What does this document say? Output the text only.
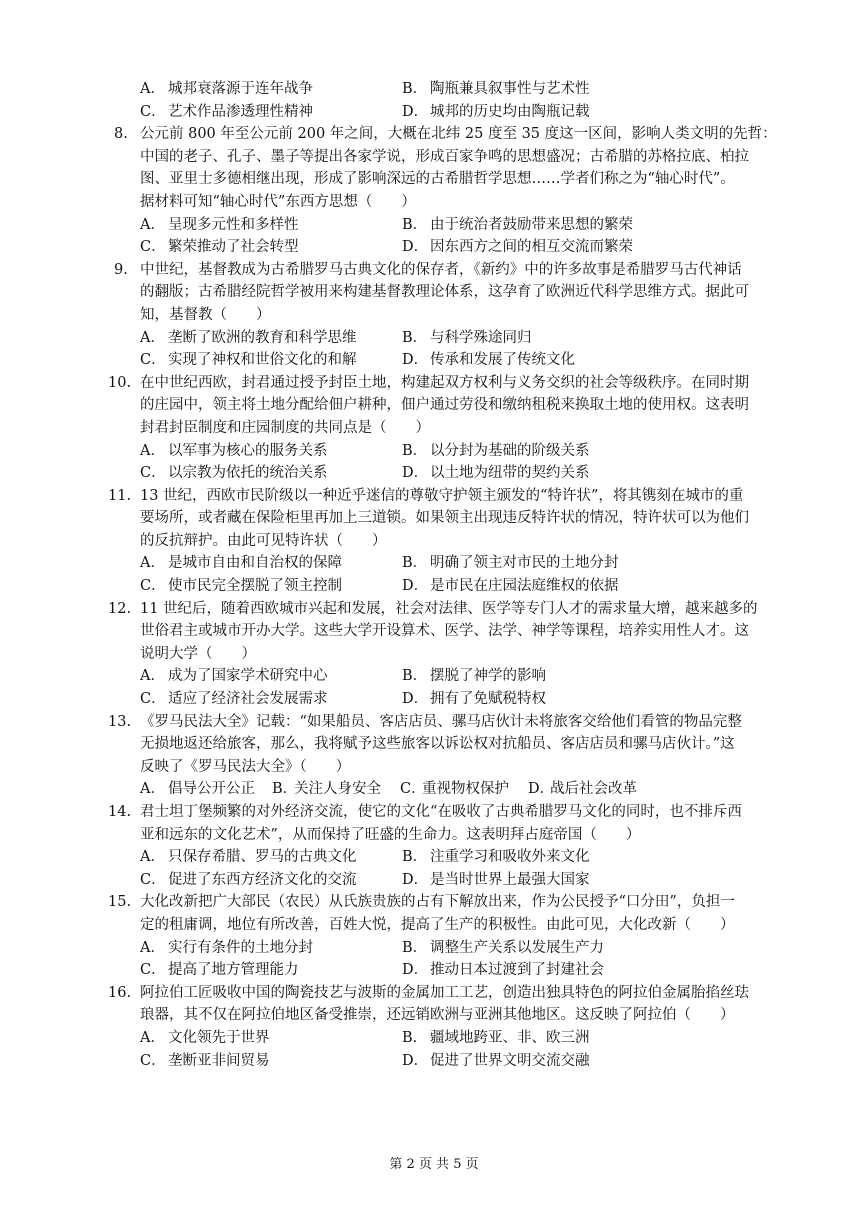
A． 城邦衰落源于连年战争	B． 陶瓶兼具叙事性与艺术性
C． 艺术作品渗透理性精神	D． 城邦的历史均由陶瓶记载
8. 公元前 800 年至公元前 200 年之间，大概在北纬 25 度至 35 度这一区间，影响人类文明的先哲：
中国的老子、孔子、墨子等提出各家学说，形成百家争鸣的思想盛况；古希腊的苏格拉底、柏拉
图、亚里士多德相继出现，形成了影响深远的古希腊哲学思想……学者们称之为“轴心时代”。
据材料可知“轴心时代”东西方思想（　　）
A． 呈现多元性和多样性	B． 由于统治者鼓励带来思想的繁荣
C． 繁荣推动了社会转型	D． 因东西方之间的相互交流而繁荣
9. 中世纪，基督教成为古希腊罗马古典文化的保存者，《新约》中的许多故事是希腊罗马古代神话
的翻版；古希腊经院哲学被用来构建基督教理论体系，这孕育了欧洲近代科学思维方式。据此可
知，基督教（　　）
A． 垄断了欧洲的教育和科学思维	B． 与科学殊途同归
C． 实现了神权和世俗文化的和解	D． 传承和发展了传统文化
10. 在中世纪西欧，封君通过授予封臣土地，构建起双方权利与义务交织的社会等级秩序。在同时期
的庄园中，领主将土地分配给佃户耕种，佃户通过劳役和缴纳租税来换取土地的使用权。这表明
封君封臣制度和庄园制度的共同点是（　　）
A． 以军事为核心的服务关系	B． 以分封为基础的阶级关系
C． 以宗教为依托的统治关系	D． 以土地为纽带的契约关系
11. 13 世纪，西欧市民阶级以一种近乎迷信的尊敬守护领主颁发的“特许状”，将其镌刻在城市的重
要场所，或者藏在保险柜里再加上三道锁。如果领主出现违反特许状的情况，特许状可以为他们
的反抗辩护。由此可见特许状（　　）
A． 是城市自由和自治权的保障	B． 明确了领主对市民的土地分封
C． 使市民完全摆脱了领主控制	D． 是市民在庄园法庭维权的依据
12. 11 世纪后，随着西欧城市兴起和发展，社会对法律、医学等专门人才的需求量大增，越来越多的
世俗君主或城市开办大学。这些大学开设算术、医学、法学、神学等课程，培养实用性人才。这
说明大学（　　）
A． 成为了国家学术研究中心	B． 摆脱了神学的影响
C． 适应了经济社会发展需求	D． 拥有了免赋税特权
13. 《罗马民法大全》记载：“如果船员、客店店员、骡马店伙计未将旅客交给他们看管的物品完整
无损地返还给旅客，那么，我将赋予这些旅客以诉讼权对抗船员、客店店员和骡马店伙计。”这
反映了《罗马民法大全》（　　）
A． 倡导公开公正 B．关注人身安全	C．重视物权保护	D．战后社会改革
14. 君士坦丁堡频繁的对外经济交流，使它的文化“在吸收了古典希腊罗马文化的同时，也不排斥西
亚和远东的文化艺术”，从而保持了旺盛的生命力。这表明拜占庭帝国（　　）
A． 只保存希腊、罗马的古典文化	B． 注重学习和吸收外来文化
C． 促进了东西方经济文化的交流	D． 是当时世界上最强大国家
15. 大化改新把广大部民（农民）从氏族贵族的占有下解放出来，作为公民授予“口分田”，负担一
定的租庸调，地位有所改善，百姓大悦，提高了生产的积极性。由此可见，大化改新（　　）
A． 实行有条件的土地分封	B． 调整生产关系以发展生产力
C． 提高了地方管理能力	D． 推动日本过渡到了封建社会
16. 阿拉伯工匠吸收中国的陶瓷技艺与波斯的金属加工工艺，创造出独具特色的阿拉伯金属胎掐丝珐
琅器，其不仅在阿拉伯地区备受推崇，还远销欧洲与亚洲其他地区。这反映了阿拉伯（　　）
A． 文化领先于世界	B． 疆域地跨亚、非、欧三洲
C． 垄断亚非间贸易	D． 促进了世界文明交流交融
第 2 页 共 5 页
